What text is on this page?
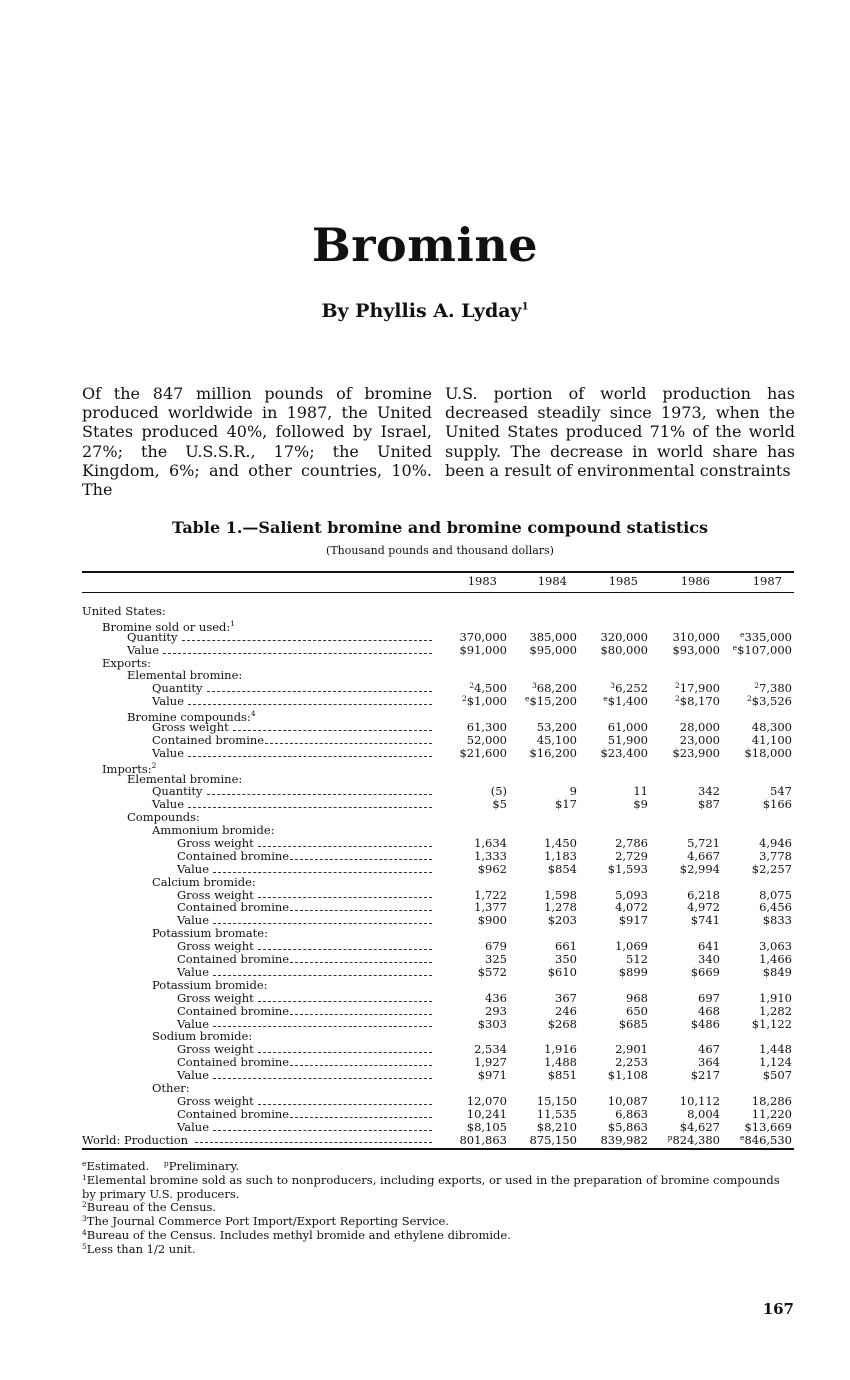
Bromine
By Phyllis A. Lyday$^1$

Of the 847 million pounds of bromine produced worldwide in 1987, the United States produced 40%, followed by Israel, 27%; the U.S.S.R., 17%; the United Kingdom, 6%; and other countries, 10%. The

U.S. portion of world production has decreased steadily since 1973, when the United States produced 71% of the world supply. The decrease in world share has been a result of environmental constraints

Table 1.—Salient bromine and bromine compound statistics
(Thousand pounds and thousand dollars)
1983	1984	1985	1986	1987
United States:
Bromine sold or used:$^1$
Quantity	370,000	385,000	320,000	310,000	$^e$335,000
Value	$91,000	$95,000	$80,000	$93,000	$^e$\$107,000
Exports:
Elemental bromine:
Quantity	$^2$4,500	$^3$68,200	$^3$6,252	$^2$17,900	$^2$7,380
Value	$^2$\$1,000	$^e$\$15,200	$^e$\$1,400	$^2$\$8,170	$^2$\$3,526
Bromine compounds:$^4$
Gross weight	61,300	53,200	61,000	28,000	48,300
Contained bromine	52,000	45,100	51,900	23,000	41,100
Value	$21,600	$16,200	$23,400	$23,900	$18,000
Imports:$^2$
Elemental bromine:
Quantity	(5)	9	11	342	547
Value	$5	$17	$9	$87	$166
Compounds:
Ammonium bromide:
Gross weight	1,634	1,450	2,786	5,721	4,946
Contained bromine	1,333	1,183	2,729	4,667	3,778
Value	$962	$854	$1,593	$2,994	$2,257
Calcium bromide:
Gross weight	1,722	1,598	5,093	6,218	8,075
Contained bromine	1,377	1,278	4,072	4,972	6,456
Value	$900	$203	$917	$741	$833
Potassium bromate:
Gross weight	679	661	1,069	641	3,063
Contained bromine	325	350	512	340	1,466
Value	$572	$610	$899	$669	$849
Potassium bromide:
Gross weight	436	367	968	697	1,910
Contained bromine	293	246	650	468	1,282
Value	$303	$268	$685	$486	$1,122
Sodium bromide:
Gross weight	2,534	1,916	2,901	467	1,448
Contained bromine	1,927	1,488	2,253	364	1,124
Value	$971	$851	$1,108	$217	$507
Other:
Gross weight	12,070	15,150	10,087	10,112	18,286
Contained bromine	10,241	11,535	6,863	8,004	11,220
Value	$8,105	$8,210	$5,863	$4,627	$13,669
World: Production	801,863	875,150	839,982	$^p$824,380	$^e$846,530
$^e$Estimated.    $^p$Preliminary.
$^1$Elemental bromine sold as such to nonproducers, including exports, or used in the preparation of bromine compounds by primary U.S. producers.
$^2$Bureau of the Census.
$^3$The Journal Commerce Port Import/Export Reporting Service.
$^4$Bureau of the Census. Includes methyl bromide and ethylene dibromide.
$^5$Less than 1/2 unit.
167
